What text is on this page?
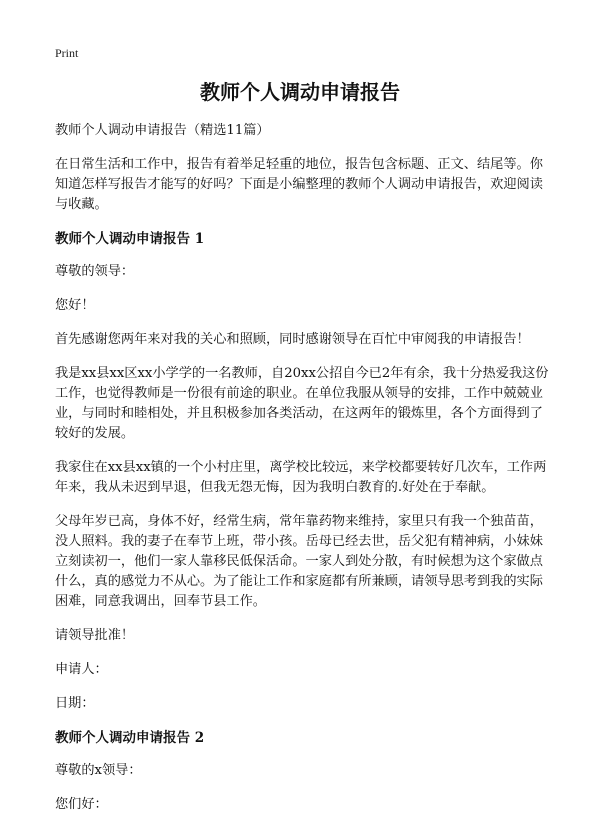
Print
教师个人调动申请报告

教师个人调动申请报告（精选11篇）

在日常生活和工作中，报告有着举足轻重的地位，报告包含标题、正文、结尾等。你知道怎样写报告才能写的好吗？下面是小编整理的教师个人调动申请报告，欢迎阅读与收藏。

教师个人调动申请报告 1

尊敬的领导：

您好！

首先感谢您两年来对我的关心和照顾，同时感谢领导在百忙中审阅我的申请报告！

我是xx县xx区xx小学学的一名教师，自20xx公招自今已2年有余，我十分热爱我这份工作，也觉得教师是一份很有前途的职业。在单位我服从领导的安排，工作中兢兢业业，与同时和睦相处，并且积极参加各类活动，在这两年的锻炼里，各个方面得到了较好的发展。

我家住在xx县xx镇的一个小村庄里，离学校比较远，来学校都要转好几次车，工作两年来，我从未迟到早退，但我无怨无悔，因为我明白教育的.好处在于奉献。

父母年岁已高，身体不好，经常生病，常年靠药物来维持，家里只有我一个独苗苗，没人照料。我的妻子在奉节上班，带小孩。岳母已经去世，岳父犯有精神病，小妹妹立刻读初一，他们一家人靠移民低保活命。一家人到处分散，有时候想为这个家做点什么，真的感觉力不从心。为了能让工作和家庭都有所兼顾，请领导思考到我的实际困难，同意我调出，回奉节县工作。

请领导批准！

申请人：

日期：

教师个人调动申请报告 2

尊敬的x领导：

您们好：
